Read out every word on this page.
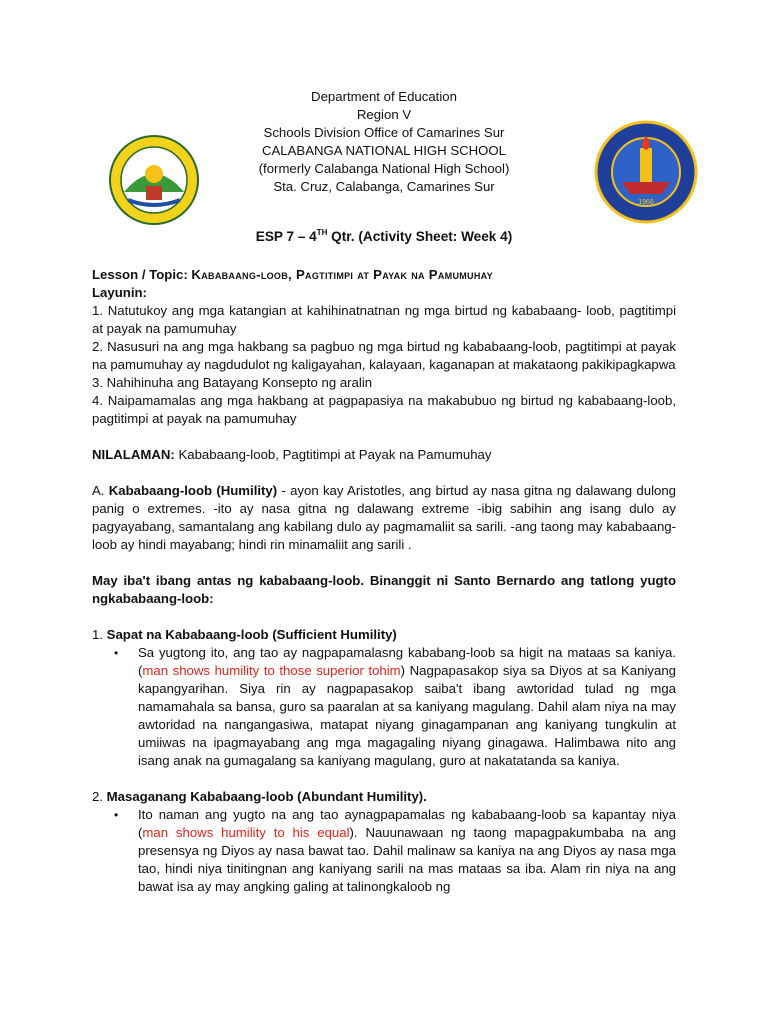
1966
Department of Education
Region V
Schools Division Office of Camarines Sur
CALABANGA NATIONAL HIGH SCHOOL
(formerly Calabanga National High School)
Sta. Cruz, Calabanga, Camarines Sur
ESP 7 – 4TH Qtr. (Activity Sheet: Week 4)

Lesson / Topic: Kababaang-loob, Pagtitimpi at Payak na Pamumuhay

Layunin:

1. Natutukoy ang mga katangian at kahihinatnatnan ng mga birtud ng kababaang- loob, pagtitimpi at payak na pamumuhay

2. Nasusuri na ang mga hakbang sa pagbuo ng mga birtud ng kababaang-loob, pagtitimpi at payak na pamumuhay ay nagdudulot ng kaligayahan, kalayaan, kaganapan at makataong pakikipagkapwa

3. Nahihinuha ang Batayang Konsepto ng aralin

4. Naipamamalas ang mga hakbang at pagpapasiya na makabubuo ng birtud ng kababaang-loob, pagtitimpi at payak na pamumuhay

NILALAMAN: Kababaang-loob, Pagtitimpi at Payak na Pamumuhay

A. Kababaang-loob (Humility) - ayon kay Aristotles, ang birtud ay nasa gitna ng dalawang dulong panig o extremes. -ito ay nasa gitna ng dalawang extreme -ibig sabihin ang isang dulo ay pagyayabang, samantalang ang kabilang dulo ay pagmamaliit sa sarili. -ang taong may kababaang-loob ay hindi mayabang; hindi rin minamaliit ang sarili .

May iba't ibang antas ng kababaang-loob. Binanggit ni Santo Bernardo ang tatlong yugto ngkababaang-loob:

1. Sapat na Kababaang-loob (Sufficient Humility)

• Sa yugtong ito, ang tao ay nagpapamalasng kababang-loob sa higit na mataas sa kaniya. (man shows humility to those superior tohim) Nagpapasakop siya sa Diyos at sa Kaniyang kapangyarihan. Siya rin ay nagpapasakop saiba't ibang awtoridad tulad ng mga namamahala sa bansa, guro sa paaralan at sa kaniyang magulang. Dahil alam niya na may awtoridad na nangangasiwa, matapat niyang ginagampanan ang kaniyang tungkulin at umiiwas na ipagmayabang ang mga magagaling niyang ginagawa. Halimbawa nito ang isang anak na gumagalang sa kaniyang magulang, guro at nakatatanda sa kaniya.

2. Masaganang Kababaang-loob (Abundant Humility).

• Ito naman ang yugto na ang tao aynagpapamalas ng kababaang-loob sa kapantay niya (man shows humility to his equal). Nauunawaan ng taong mapagpakumbaba na ang presensya ng Diyos ay nasa bawat tao. Dahil malinaw sa kaniya na ang Diyos ay nasa mga tao, hindi niya tinitingnan ang kaniyang sarili na mas mataas sa iba. Alam rin niya na ang bawat isa ay may angking galing at talinongkaloob ng
